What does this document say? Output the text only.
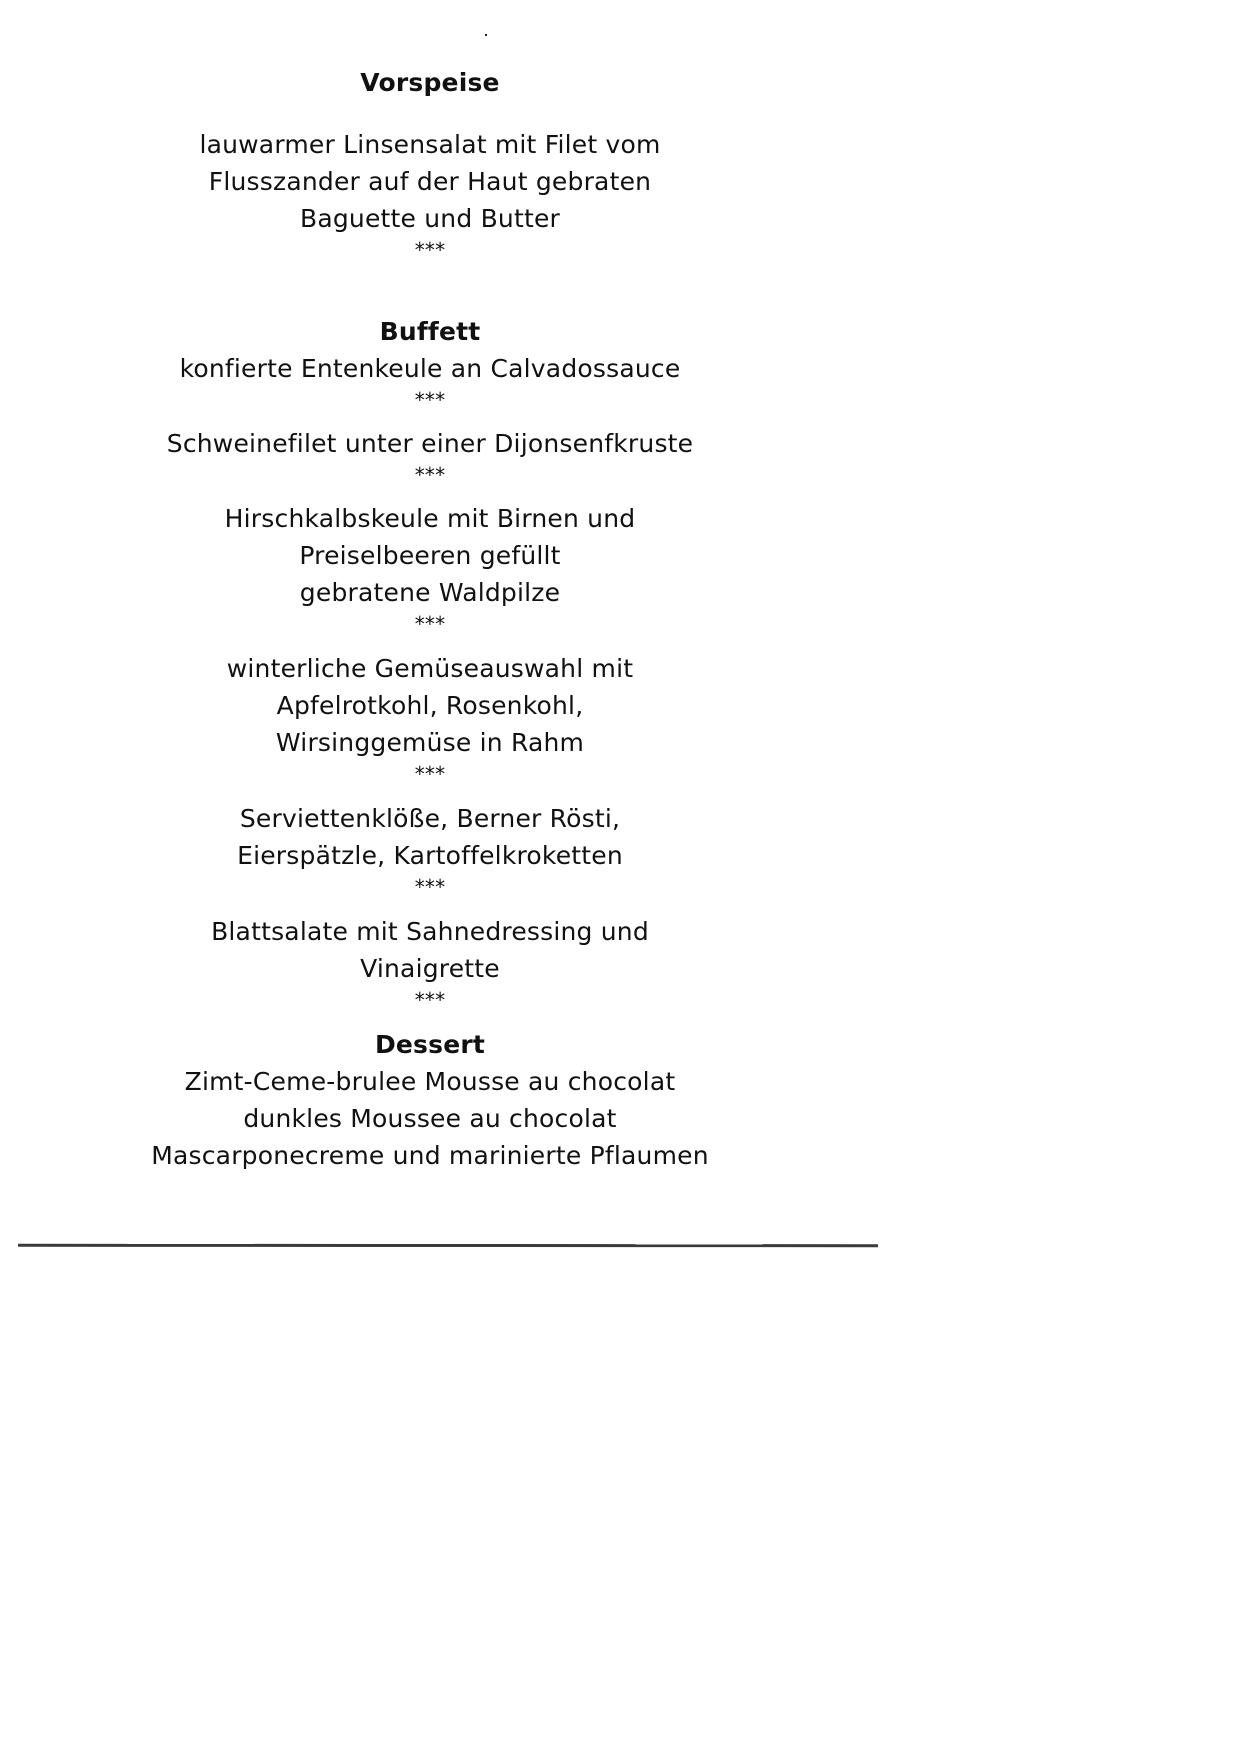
Vorspeise
lauwarmer Linsensalat mit Filet vom
Flusszander auf der Haut gebraten
Baguette und Butter
***
Buffett
konfierte Entenkeule an Calvadossauce
***
Schweinefilet unter einer Dijonsenfkruste
***
Hirschkalbskeule mit Birnen und
Preiselbeeren gefüllt
gebratene Waldpilze
***
winterliche Gemüseauswahl mit
Apfelrotkohl, Rosenkohl,
Wirsinggemüse in Rahm
***
Serviettenklöße, Berner Rösti,
Eierspätzle, Kartoffelkroketten
***
Blattsalate mit Sahnedressing und
Vinaigrette
***
Dessert
Zimt-Ceme-brulee Mousse au chocolat
dunkles Moussee au chocolat
Mascarponecreme und marinierte Pflaumen
